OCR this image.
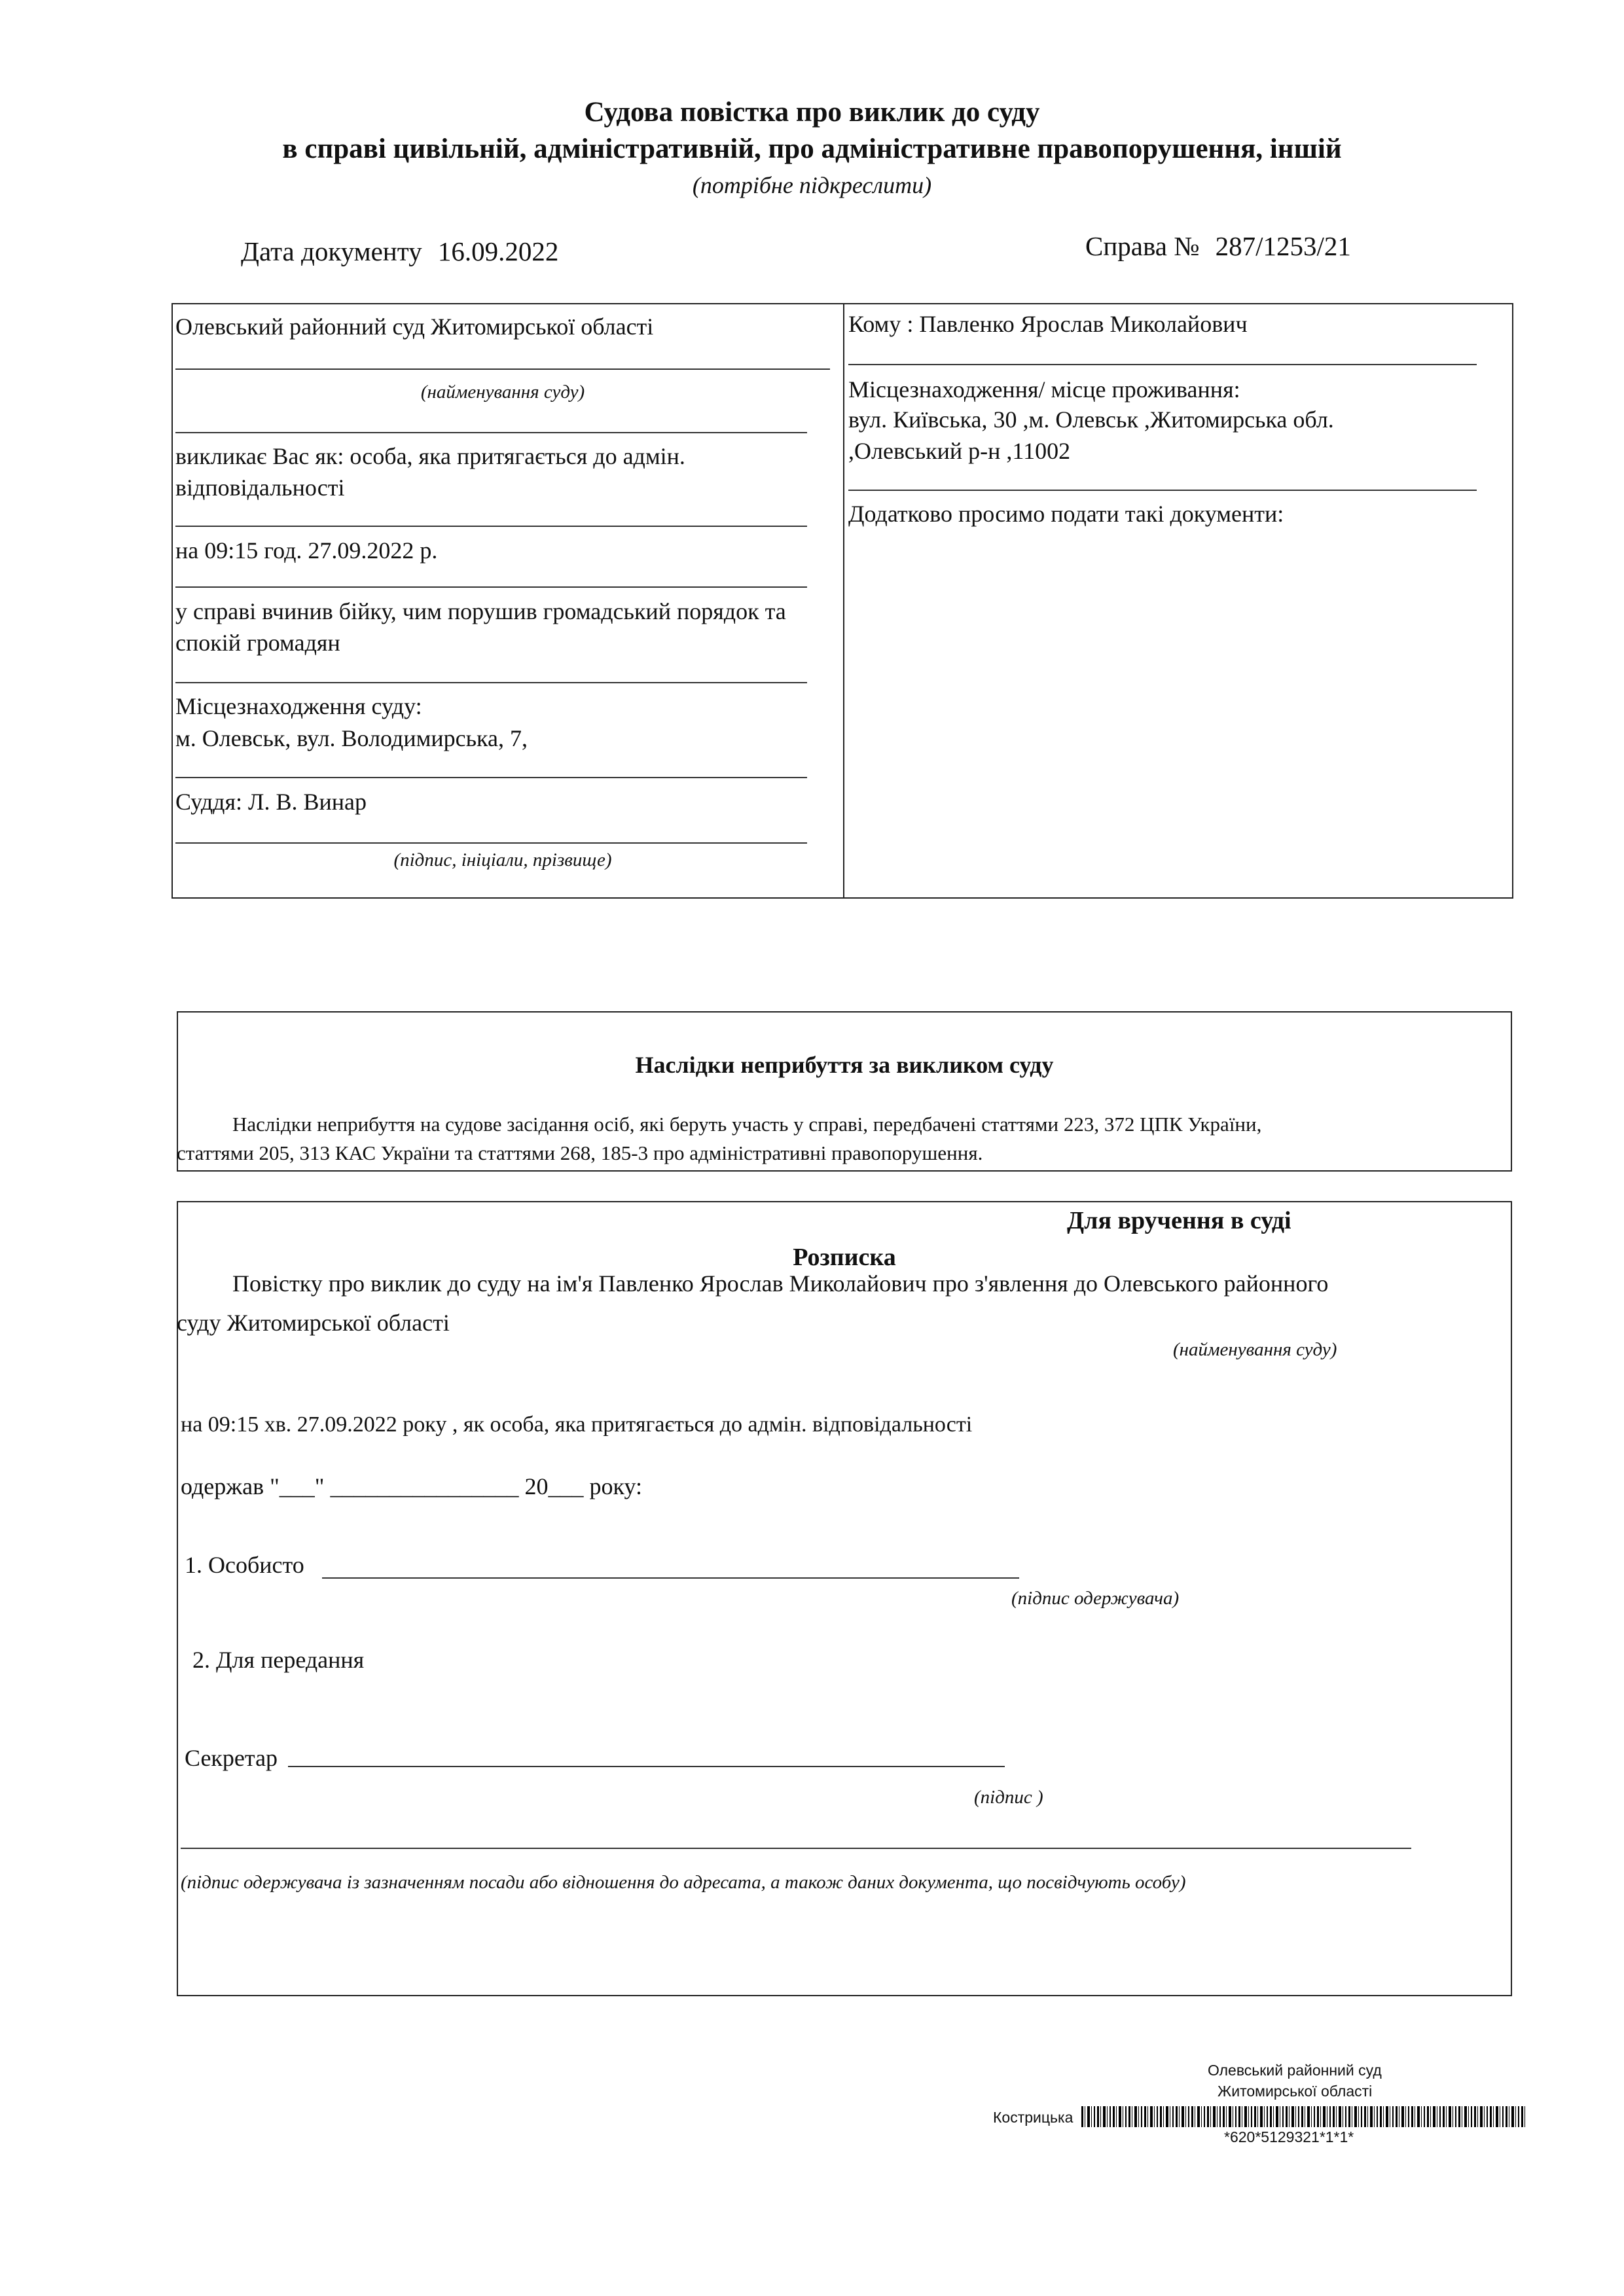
Судова повістка про виклик до суду
в справі цивільній, адміністративній, про адміністративне правопорушення, іншій
(потрібне підкреслити)
Дата документу 16.09.2022	Справа № 287/1253/21
Олевський районний суд Житомирської області
(найменування суду)
викликає Вас як: особа, яка притягається до адмін. відповідальності
на 09:15 год. 27.09.2022 р.
у справі вчинив бійку, чим порушив громадський порядок та спокій громадян
Місцезнаходження суду:
м. Олевськ, вул. Володимирська, 7,
Суддя: Л. В. Винар
(підпис, ініціали, прізвище)
Кому : Павленко Ярослав Миколайович
Місцезнаходження/ місце проживання:
вул. Київська, 30 ,м. Олевськ ,Житомирська обл.
,Олевський р-н ,11002
Додатково просимо подати такі документи:
Наслідки неприбуття за викликом суду
Наслідки неприбуття на судове засідання осіб, які беруть участь у справі, передбачені статтями 223, 372 ЦПК України,
статтями 205, 313 КАС України та статтями 268, 185-3 про адміністративні правопорушення.
Для вручення в суді
Розписка
Повістку про виклик до суду на ім'я Павленко Ярослав Миколайович про з'явлення до Олевського районного
суду Житомирської області
(найменування суду)
на 09:15 хв. 27.09.2022 року , як особа, яка притягається до адмін. відповідальності
одержав "___" ________________ 20___ року:
1. Особисто
(підпис одержувача)
2. Для передання
Секретар
(підпис )
(підпис одержувача із зазначенням посади або відношення до адресата, а також даних документа, що посвідчують особу)
Олевський районний суд
Житомирської області
Кострицька
*620*5129321*1*1*
